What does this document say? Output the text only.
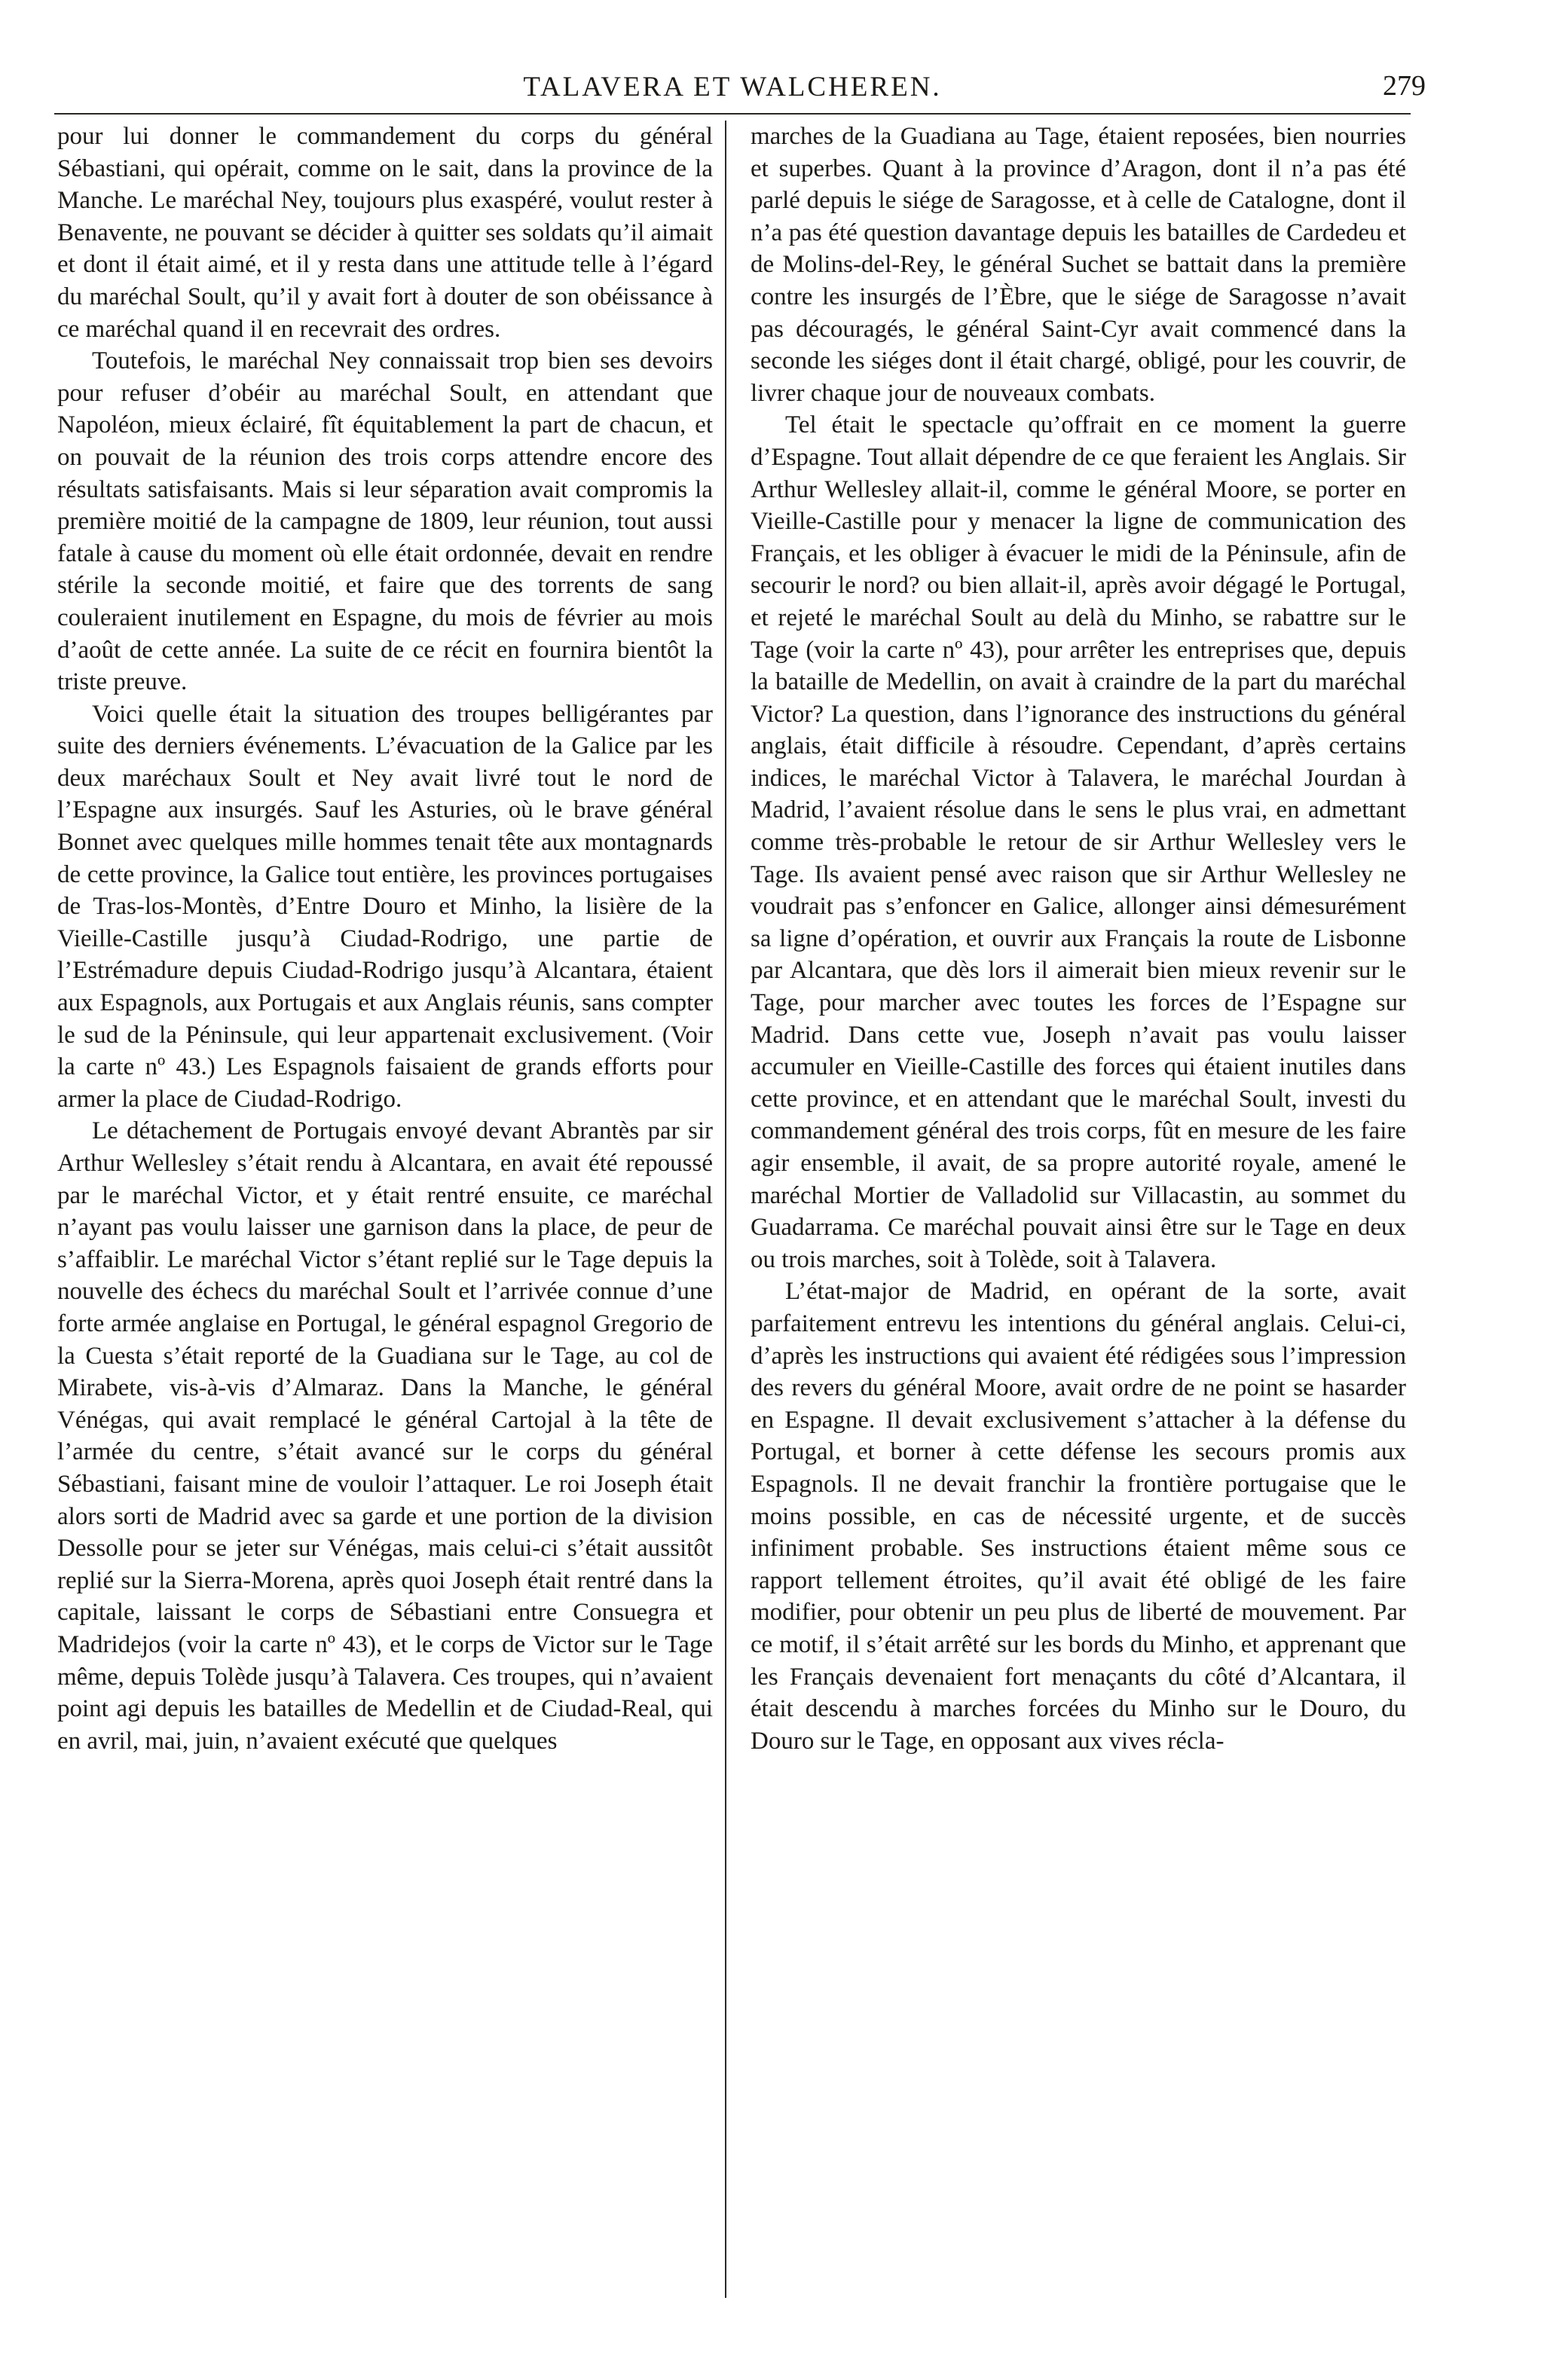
TALAVERA ET WALCHEREN.	279

pour lui donner le commandement du corps du général Sébastiani, qui opérait, comme on le sait, dans la province de la Manche. Le maréchal Ney, toujours plus exaspéré, voulut rester à Benavente, ne pouvant se décider à quitter ses soldats qu’il aimait et dont il était aimé, et il y resta dans une attitude telle à l’égard du maréchal Soult, qu’il y avait fort à douter de son obéissance à ce maréchal quand il en recevrait des ordres.

Toutefois, le maréchal Ney connaissait trop bien ses devoirs pour refuser d’obéir au maréchal Soult, en attendant que Napoléon, mieux éclairé, fît équitablement la part de chacun, et on pouvait de la réunion des trois corps attendre encore des résultats satisfaisants. Mais si leur séparation avait compromis la première moitié de la campagne de 1809, leur réunion, tout aussi fatale à cause du moment où elle était ordonnée, devait en rendre stérile la seconde moitié, et faire que des torrents de sang couleraient inutilement en Espagne, du mois de février au mois d’août de cette année. La suite de ce récit en fournira bientôt la triste preuve.

Voici quelle était la situation des troupes belligérantes par suite des derniers événements. L’évacuation de la Galice par les deux maréchaux Soult et Ney avait livré tout le nord de l’Espagne aux insurgés. Sauf les Asturies, où le brave général Bonnet avec quelques mille hommes tenait tête aux montagnards de cette province, la Galice tout entière, les provinces portugaises de Tras-los-Montès, d’Entre Douro et Minho, la lisière de la Vieille-Castille jusqu’à Ciudad-Rodrigo, une partie de l’Estrémadure depuis Ciudad-Rodrigo jusqu’à Alcantara, étaient aux Espagnols, aux Portugais et aux Anglais réunis, sans compter le sud de la Péninsule, qui leur appartenait exclusivement. (Voir la carte nº 43.) Les Espagnols faisaient de grands efforts pour armer la place de Ciudad-Rodrigo.

Le détachement de Portugais envoyé devant Abrantès par sir Arthur Wellesley s’était rendu à Alcantara, en avait été repoussé par le maréchal Victor, et y était rentré ensuite, ce maréchal n’ayant pas voulu laisser une garnison dans la place, de peur de s’affaiblir. Le maréchal Victor s’étant replié sur le Tage depuis la nouvelle des échecs du maréchal Soult et l’arrivée connue d’une forte armée anglaise en Portugal, le général espagnol Gregorio de la Cuesta s’était reporté de la Guadiana sur le Tage, au col de Mirabete, vis-à-vis d’Almaraz. Dans la Manche, le général Vénégas, qui avait remplacé le général Cartojal à la tête de l’armée du centre, s’était avancé sur le corps du général Sébastiani, faisant mine de vouloir l’attaquer. Le roi Joseph était alors sorti de Madrid avec sa garde et une portion de la division Dessolle pour se jeter sur Vénégas, mais celui-ci s’était aussitôt replié sur la Sierra-Morena, après quoi Joseph était rentré dans la capitale, laissant le corps de Sébastiani entre Consuegra et Madridejos (voir la carte nº 43), et le corps de Victor sur le Tage même, depuis Tolède jusqu’à Talavera. Ces troupes, qui n’avaient point agi depuis les batailles de Medellin et de Ciudad-Real, qui en avril, mai, juin, n’avaient exécuté que quelques

marches de la Guadiana au Tage, étaient reposées, bien nourries et superbes. Quant à la province d’Aragon, dont il n’a pas été parlé depuis le siége de Saragosse, et à celle de Catalogne, dont il n’a pas été question davantage depuis les batailles de Cardedeu et de Molins-del-Rey, le général Suchet se battait dans la première contre les insurgés de l’Èbre, que le siége de Saragosse n’avait pas découragés, le général Saint-Cyr avait commencé dans la seconde les siéges dont il était chargé, obligé, pour les couvrir, de livrer chaque jour de nouveaux combats.

Tel était le spectacle qu’offrait en ce moment la guerre d’Espagne. Tout allait dépendre de ce que feraient les Anglais. Sir Arthur Wellesley allait-il, comme le général Moore, se porter en Vieille-Castille pour y menacer la ligne de communication des Français, et les obliger à évacuer le midi de la Péninsule, afin de secourir le nord? ou bien allait-il, après avoir dégagé le Portugal, et rejeté le maréchal Soult au delà du Minho, se rabattre sur le Tage (voir la carte nº 43), pour arrêter les entreprises que, depuis la bataille de Medellin, on avait à craindre de la part du maréchal Victor? La question, dans l’ignorance des instructions du général anglais, était difficile à résoudre. Cependant, d’après certains indices, le maréchal Victor à Talavera, le maréchal Jourdan à Madrid, l’avaient résolue dans le sens le plus vrai, en admettant comme très-probable le retour de sir Arthur Wellesley vers le Tage. Ils avaient pensé avec raison que sir Arthur Wellesley ne voudrait pas s’enfoncer en Galice, allonger ainsi démesurément sa ligne d’opération, et ouvrir aux Français la route de Lisbonne par Alcantara, que dès lors il aimerait bien mieux revenir sur le Tage, pour marcher avec toutes les forces de l’Espagne sur Madrid. Dans cette vue, Joseph n’avait pas voulu laisser accumuler en Vieille-Castille des forces qui étaient inutiles dans cette province, et en attendant que le maréchal Soult, investi du commandement général des trois corps, fût en mesure de les faire agir ensemble, il avait, de sa propre autorité royale, amené le maréchal Mortier de Valladolid sur Villacastin, au sommet du Guadarrama. Ce maréchal pouvait ainsi être sur le Tage en deux ou trois marches, soit à Tolède, soit à Talavera.

L’état-major de Madrid, en opérant de la sorte, avait parfaitement entrevu les intentions du général anglais. Celui-ci, d’après les instructions qui avaient été rédigées sous l’impression des revers du général Moore, avait ordre de ne point se hasarder en Espagne. Il devait exclusivement s’attacher à la défense du Portugal, et borner à cette défense les secours promis aux Espagnols. Il ne devait franchir la frontière portugaise que le moins possible, en cas de nécessité urgente, et de succès infiniment probable. Ses instructions étaient même sous ce rapport tellement étroites, qu’il avait été obligé de les faire modifier, pour obtenir un peu plus de liberté de mouvement. Par ce motif, il s’était arrêté sur les bords du Minho, et apprenant que les Français devenaient fort menaçants du côté d’Alcantara, il était descendu à marches forcées du Minho sur le Douro, du Douro sur le Tage, en opposant aux vives récla-
